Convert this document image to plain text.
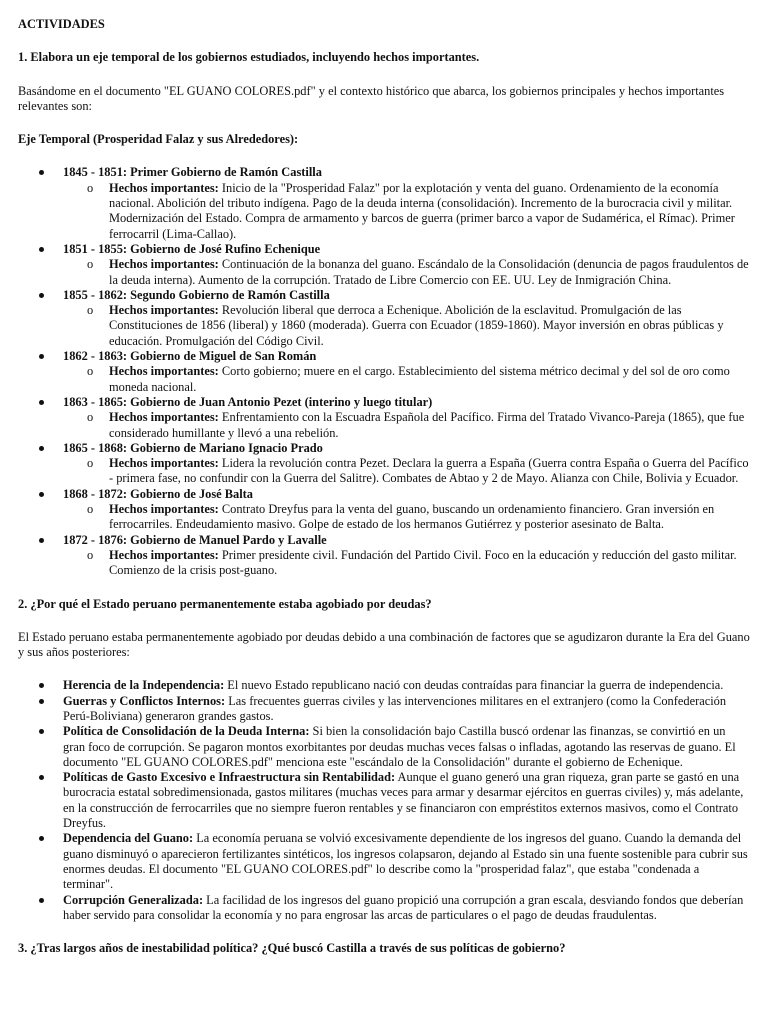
ACTIVIDADES

1. Elabora un eje temporal de los gobiernos estudiados, incluyendo hechos importantes.

Basándome en el documento "EL GUANO COLORES.pdf" y el contexto histórico que abarca, los gobiernos principales y hechos importantes relevantes son:

Eje Temporal (Prosperidad Falaz y sus Alrededores):

1845 - 1851: Primer Gobierno de Ramón Castilla
o Hechos importantes: Inicio de la "Prosperidad Falaz" por la explotación y venta del guano. Ordenamiento de la economía nacional. Abolición del tributo indígena. Pago de la deuda interna (consolidación). Incremento de la burocracia civil y militar. Modernización del Estado. Compra de armamento y barcos de guerra (primer barco a vapor de Sudamérica, el Rímac). Primer ferrocarril (Lima-Callao).
1851 - 1855: Gobierno de José Rufino Echenique
o Hechos importantes: Continuación de la bonanza del guano. Escándalo de la Consolidación (denuncia de pagos fraudulentos de la deuda interna). Aumento de la corrupción. Tratado de Libre Comercio con EE. UU. Ley de Inmigración China.
1855 - 1862: Segundo Gobierno de Ramón Castilla
o Hechos importantes: Revolución liberal que derroca a Echenique. Abolición de la esclavitud. Promulgación de las Constituciones de 1856 (liberal) y 1860 (moderada). Guerra con Ecuador (1859-1860). Mayor inversión en obras públicas y educación. Promulgación del Código Civil.
1862 - 1863: Gobierno de Miguel de San Román
o Hechos importantes: Corto gobierno; muere en el cargo. Establecimiento del sistema métrico decimal y del sol de oro como moneda nacional.
1863 - 1865: Gobierno de Juan Antonio Pezet (interino y luego titular)
o Hechos importantes: Enfrentamiento con la Escuadra Española del Pacífico. Firma del Tratado Vivanco-Pareja (1865), que fue considerado humillante y llevó a una rebelión.
1865 - 1868: Gobierno de Mariano Ignacio Prado
o Hechos importantes: Lidera la revolución contra Pezet. Declara la guerra a España (Guerra contra España o Guerra del Pacífico - primera fase, no confundir con la Guerra del Salitre). Combates de Abtao y 2 de Mayo. Alianza con Chile, Bolivia y Ecuador.
1868 - 1872: Gobierno de José Balta
o Hechos importantes: Contrato Dreyfus para la venta del guano, buscando un ordenamiento financiero. Gran inversión en ferrocarriles. Endeudamiento masivo. Golpe de estado de los hermanos Gutiérrez y posterior asesinato de Balta.
1872 - 1876: Gobierno de Manuel Pardo y Lavalle
o Hechos importantes: Primer presidente civil. Fundación del Partido Civil. Foco en la educación y reducción del gasto militar. Comienzo de la crisis post-guano.

2. ¿Por qué el Estado peruano permanentemente estaba agobiado por deudas?

El Estado peruano estaba permanentemente agobiado por deudas debido a una combinación de factores que se agudizaron durante la Era del Guano y sus años posteriores:

Herencia de la Independencia: El nuevo Estado republicano nació con deudas contraídas para financiar la guerra de independencia.
Guerras y Conflictos Internos: Las frecuentes guerras civiles y las intervenciones militares en el extranjero (como la Confederación Perú-Boliviana) generaron grandes gastos.
Política de Consolidación de la Deuda Interna: Si bien la consolidación bajo Castilla buscó ordenar las finanzas, se convirtió en un gran foco de corrupción. Se pagaron montos exorbitantes por deudas muchas veces falsas o infladas, agotando las reservas de guano. El documento "EL GUANO COLORES.pdf" menciona este "escándalo de la Consolidación" durante el gobierno de Echenique.
Políticas de Gasto Excesivo e Infraestructura sin Rentabilidad: Aunque el guano generó una gran riqueza, gran parte se gastó en una burocracia estatal sobredimensionada, gastos militares (muchas veces para armar y desarmar ejércitos en guerras civiles) y, más adelante, en la construcción de ferrocarriles que no siempre fueron rentables y se financiaron con empréstitos externos masivos, como el Contrato Dreyfus.
Dependencia del Guano: La economía peruana se volvió excesivamente dependiente de los ingresos del guano. Cuando la demanda del guano disminuyó o aparecieron fertilizantes sintéticos, los ingresos colapsaron, dejando al Estado sin una fuente sostenible para cubrir sus enormes deudas. El documento "EL GUANO COLORES.pdf" lo describe como la "prosperidad falaz", que estaba "condenada a terminar".
Corrupción Generalizada: La facilidad de los ingresos del guano propició una corrupción a gran escala, desviando fondos que deberían haber servido para consolidar la economía y no para engrosar las arcas de particulares o el pago de deudas fraudulentas.

3. ¿Tras largos años de inestabilidad política? ¿Qué buscó Castilla a través de sus políticas de gobierno?
